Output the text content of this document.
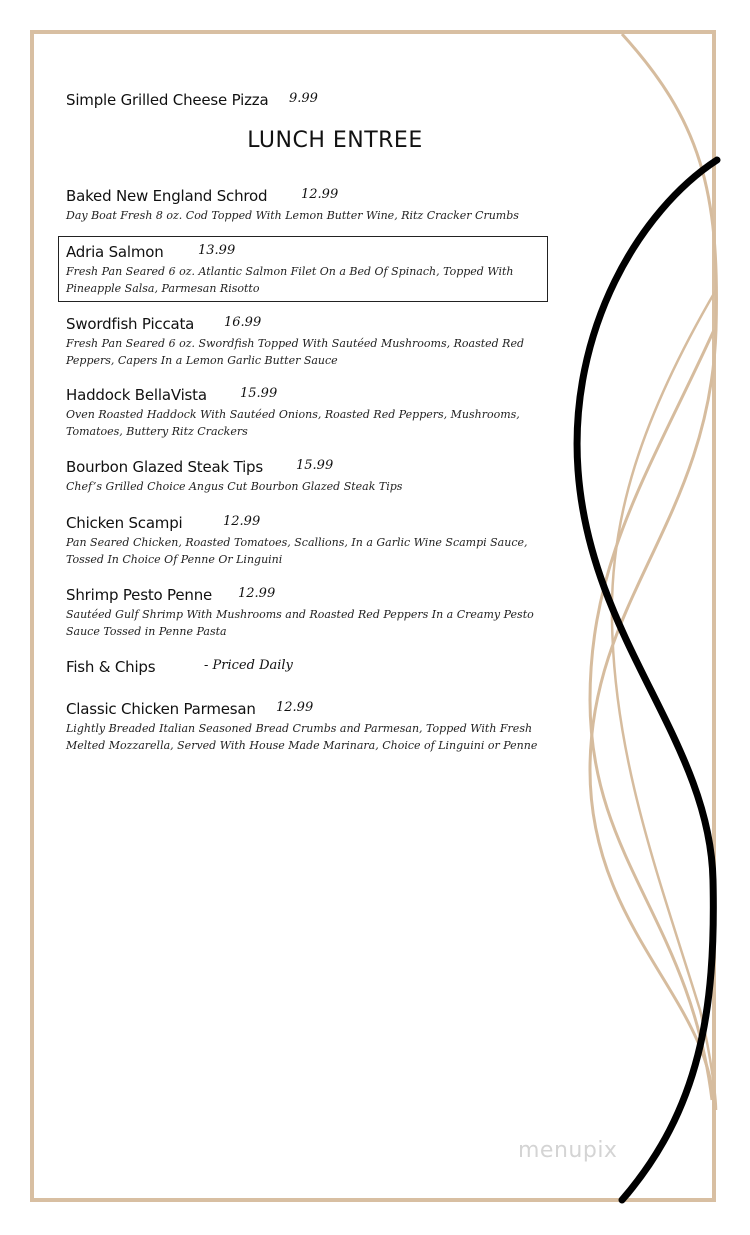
Simple Grilled Cheese Pizza 9.99
LUNCH ENTREE
Baked New England Schrod	12.99
Day Boat Fresh 8 oz. Cod Topped With Lemon Butter Wine, Ritz Cracker Crumbs
Adria Salmon	13.99
Fresh Pan Seared 6 oz. Atlantic Salmon Filet On a Bed Of Spinach, Topped With Pineapple Salsa, Parmesan Risotto
Swordfish Piccata 16.99
Fresh Pan Seared 6 oz. Swordfish Topped With Sautéed Mushrooms, Roasted Red Peppers, Capers In a Lemon Garlic Butter Sauce
Haddock BellaVista	15.99
Oven Roasted Haddock With Sautéed Onions, Roasted Red Peppers, Mushrooms, Tomatoes, Buttery Ritz Crackers
Bourbon Glazed Steak Tips	15.99
Chef’s Grilled Choice Angus Cut Bourbon Glazed Steak Tips
Chicken Scampi	12.99
Pan Seared Chicken, Roasted Tomatoes, Scallions, In a Garlic Wine Scampi Sauce, Tossed In Choice Of Penne Or Linguini
Shrimp Pesto Penne 12.99
Sautéed Gulf Shrimp With Mushrooms and Roasted Red Peppers In a Creamy Pesto Sauce Tossed in Penne Pasta
Fish & Chips	- Priced Daily
Classic Chicken Parmesan 12.99
Lightly Breaded Italian Seasoned Bread Crumbs and Parmesan, Topped With Fresh Melted Mozzarella, Served With House Made Marinara, Choice of Linguini or Penne
menupix
